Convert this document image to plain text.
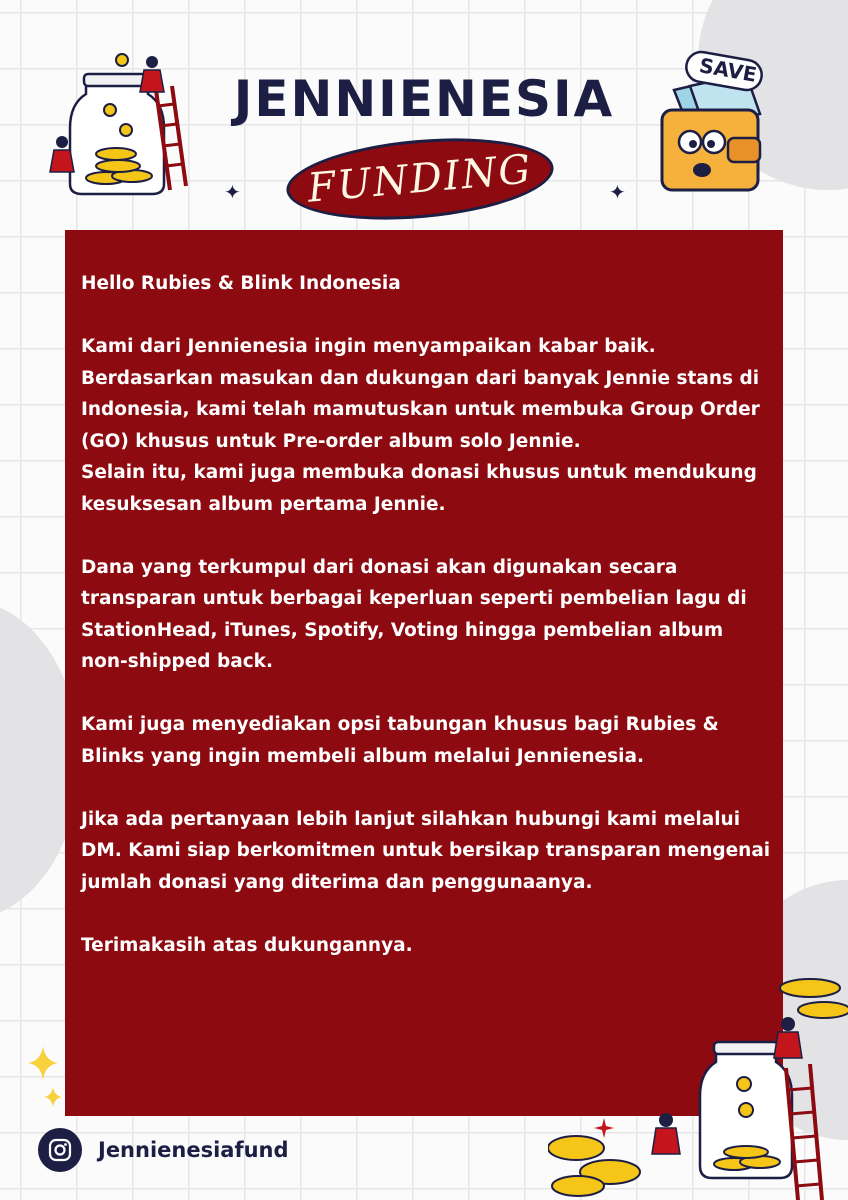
JENNIENESIA
FUNDING
✦	✦
SAVE
Hello Rubies & Blink Indonesia
Kami dari Jennienesia ingin menyampaikan kabar baik. Berdasarkan masukan dan dukungan dari banyak Jennie stans di Indonesia, kami telah mamutuskan untuk membuka Group Order (GO) khusus untuk Pre-order album solo Jennie.
Selain itu, kami juga membuka donasi khusus untuk mendukung kesuksesan album pertama Jennie.
Dana yang terkumpul dari donasi akan digunakan secara transparan untuk berbagai keperluan seperti pembelian lagu di StationHead, iTunes, Spotify, Voting hingga pembelian album non-shipped back.
Kami juga menyediakan opsi tabungan khusus bagi Rubies & Blinks yang ingin membeli album melalui Jennienesia.
Jika ada pertanyaan lebih lanjut silahkan hubungi kami melalui DM. Kami siap berkomitmen untuk bersikap transparan mengenai jumlah donasi yang diterima dan penggunaanya.
Terimakasih atas dukungannya.
Jennienesiafund
